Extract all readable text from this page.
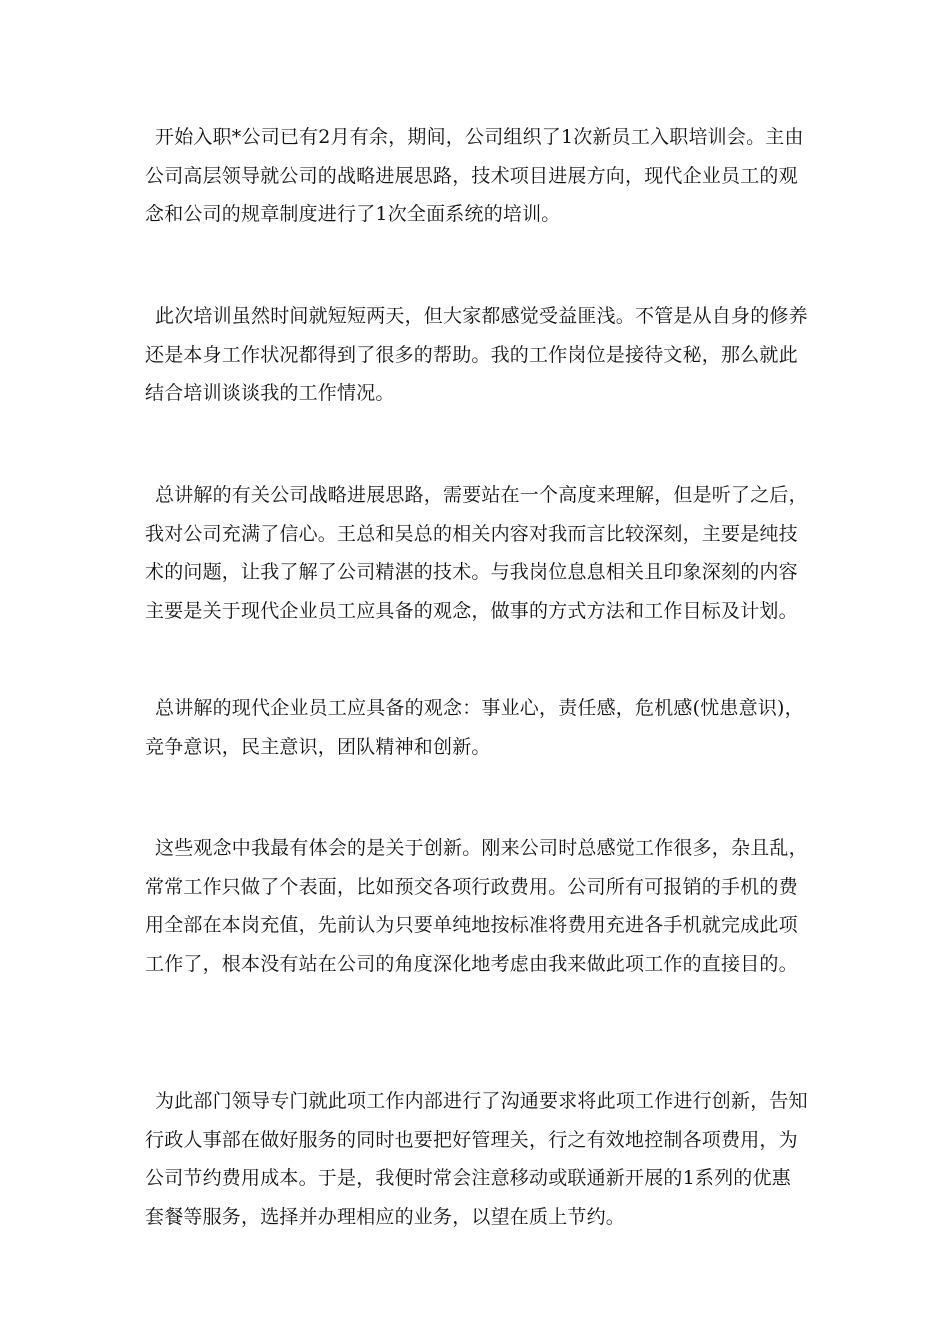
开始入职*公司已有2月有余，期间，公司组织了1次新员工入职培训会。主由公司高层领导就公司的战略进展思路，技术项目进展方向，现代企业员工的观念和公司的规章制度进行了1次全面系统的培训。

此次培训虽然时间就短短两天，但大家都感觉受益匪浅。不管是从自身的修养还是本身工作状况都得到了很多的帮助。我的工作岗位是接待文秘，那么就此结合培训谈谈我的工作情况。

总讲解的有关公司战略进展思路，需要站在一个高度来理解，但是听了之后，我对公司充满了信心。王总和吴总的相关内容对我而言比较深刻，主要是纯技术的问题，让我了解了公司精湛的技术。与我岗位息息相关且印象深刻的内容主要是关于现代企业员工应具备的观念，做事的方式方法和工作目标及计划。

总讲解的现代企业员工应具备的观念：事业心，责任感，危机感(忧患意识)，竞争意识，民主意识，团队精神和创新。

这些观念中我最有体会的是关于创新。刚来公司时总感觉工作很多，杂且乱，常常工作只做了个表面，比如预交各项行政费用。公司所有可报销的手机的费用全部在本岗充值，先前认为只要单纯地按标准将费用充进各手机就完成此项工作了，根本没有站在公司的角度深化地考虑由我来做此项工作的直接目的。

为此部门领导专门就此项工作内部进行了沟通要求将此项工作进行创新，告知行政人事部在做好服务的同时也要把好管理关，行之有效地控制各项费用，为公司节约费用成本。于是，我便时常会注意移动或联通新开展的1系列的优惠套餐等服务，选择并办理相应的业务，以望在质上节约。
